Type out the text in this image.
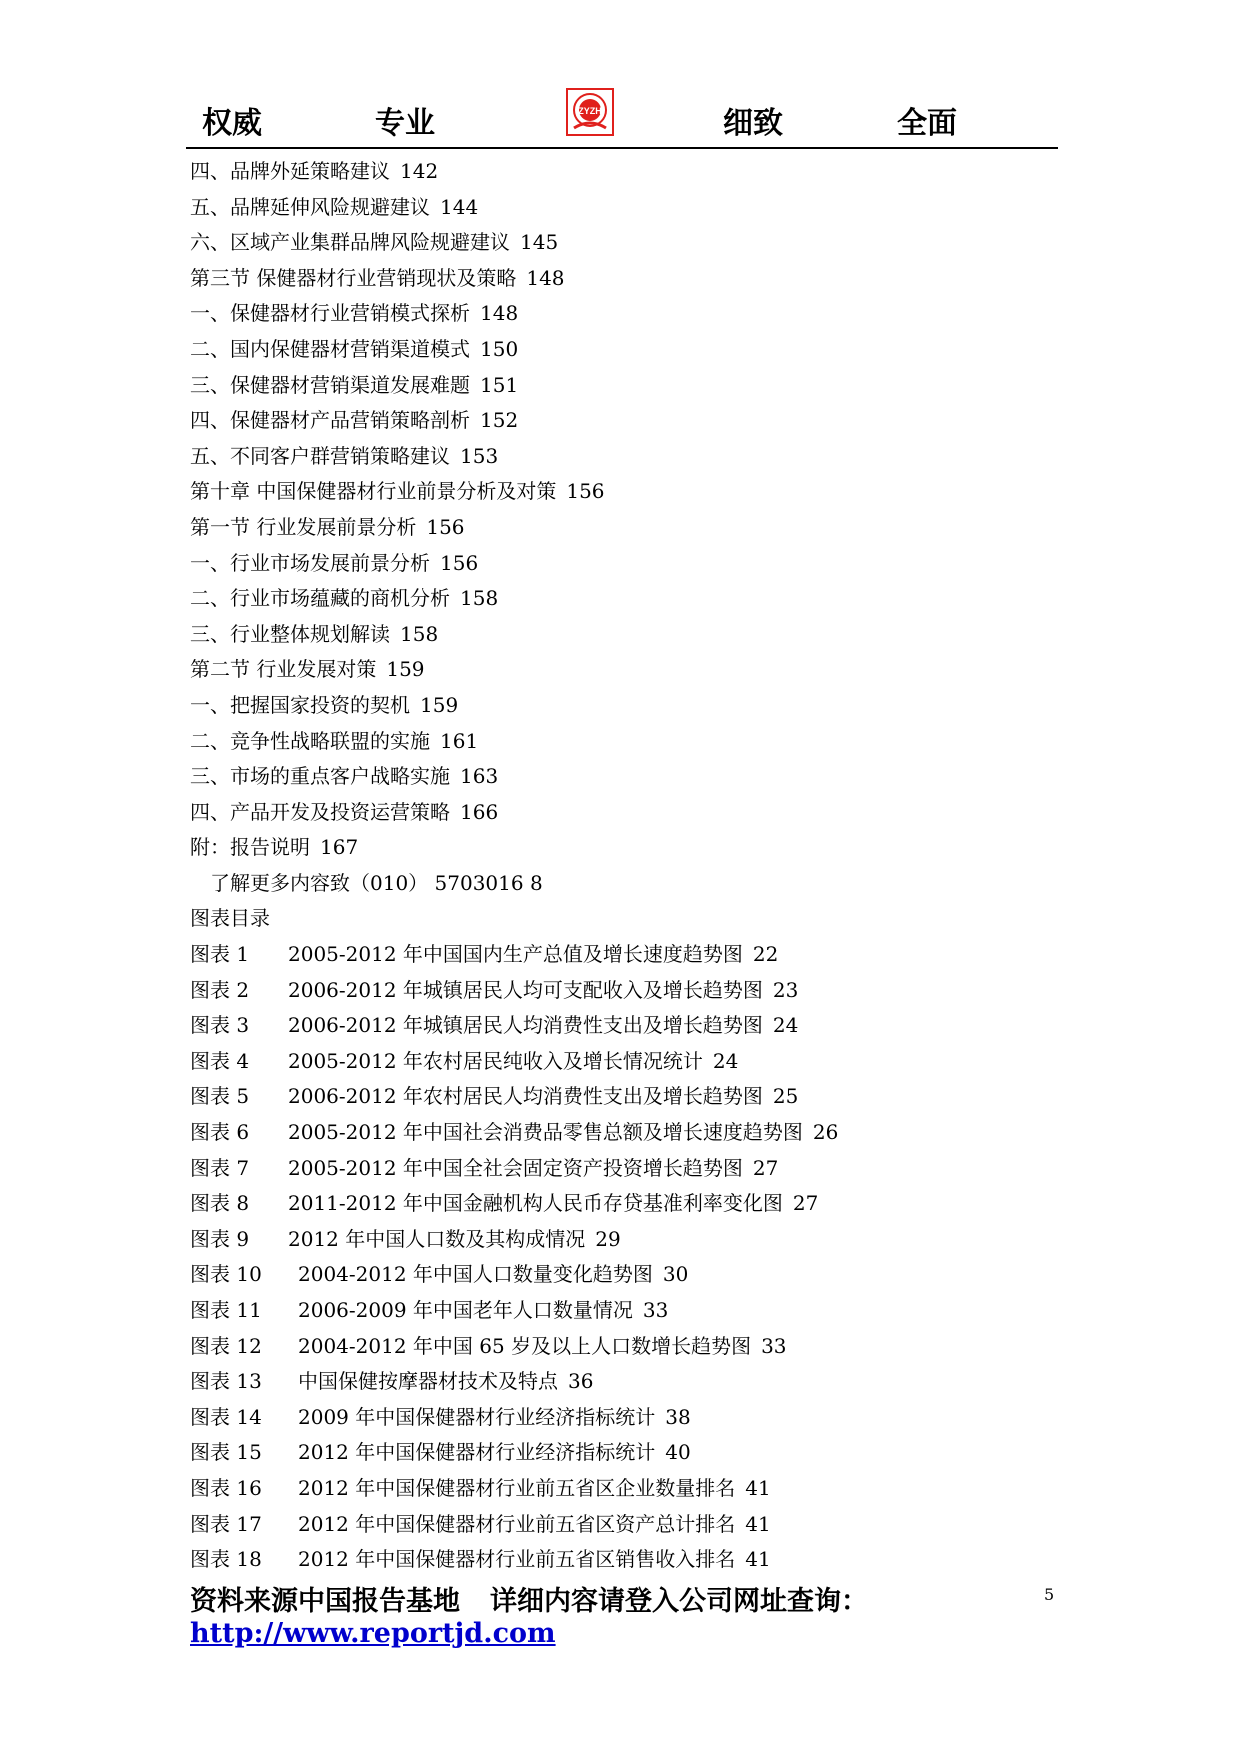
权威	专业	细致	全面
ZYZH
四、品牌外延策略建议 142
五、品牌延伸风险规避建议 144
六、区域产业集群品牌风险规避建议 145
第三节 保健器材行业营销现状及策略 148
一、保健器材行业营销模式探析 148
二、国内保健器材营销渠道模式 150
三、保健器材营销渠道发展难题 151
四、保健器材产品营销策略剖析 152
五、不同客户群营销策略建议 153
第十章 中国保健器材行业前景分析及对策 156
第一节 行业发展前景分析 156
一、行业市场发展前景分析 156
二、行业市场蕴藏的商机分析 158
三、行业整体规划解读 158
第二节 行业发展对策 159
一、把握国家投资的契机 159
二、竞争性战略联盟的实施 161
三、市场的重点客户战略实施 163
四、产品开发及投资运营策略 166
附：报告说明 167
了解更多内容致（010） 5703016 8
图表目录
图表 1 2005-2012 年中国国内生产总值及增长速度趋势图 22
图表 2 2006-2012 年城镇居民人均可支配收入及增长趋势图 23
图表 3 2006-2012 年城镇居民人均消费性支出及增长趋势图 24
图表 4 2005-2012 年农村居民纯收入及增长情况统计 24
图表 5 2006-2012 年农村居民人均消费性支出及增长趋势图 25
图表 6 2005-2012 年中国社会消费品零售总额及增长速度趋势图 26
图表 7 2005-2012 年中国全社会固定资产投资增长趋势图 27
图表 8 2011-2012 年中国金融机构人民币存贷基准利率变化图 27
图表 9 2012 年中国人口数及其构成情况 29
图表 10 2004-2012 年中国人口数量变化趋势图 30
图表 11 2006-2009 年中国老年人口数量情况 33
图表 12 2004-2012 年中国 65 岁及以上人口数增长趋势图 33
图表 13 中国保健按摩器材技术及特点 36
图表 14 2009 年中国保健器材行业经济指标统计 38
图表 15 2012 年中国保健器材行业经济指标统计 40
图表 16 2012 年中国保健器材行业前五省区企业数量排名 41
图表 17 2012 年中国保健器材行业前五省区资产总计排名 41
图表 18 2012 年中国保健器材行业前五省区销售收入排名 41
资料来源中国报告基地 详细内容请登入公司网址查询：
http://www.reportjd.com
5
